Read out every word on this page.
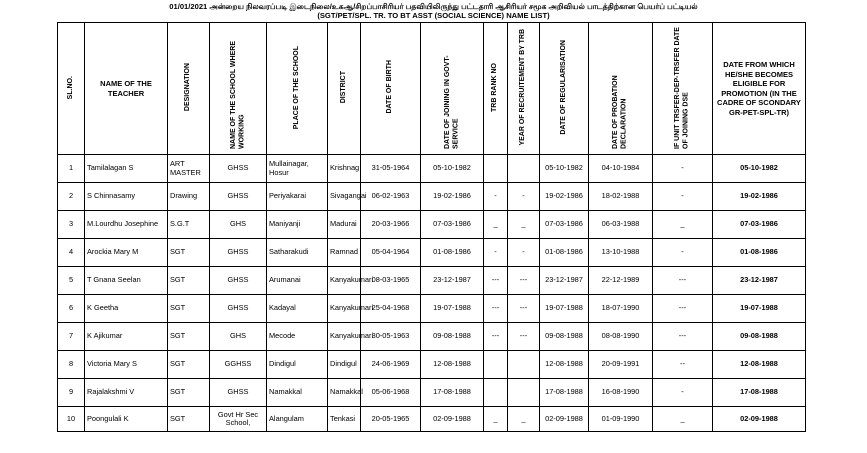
01/01/2021 அன்றைய நிலவரப்படி இடைநிலை/உகஆ/சிறப்பாசிரியர் பதவியிலிருந்து பட்டதாரி ஆசிரியர் சமூக அறிவியல் பாடத்திற்கான பெயர்ப் பட்டியல்
(SGT/PET/SPL. TR. TO BT ASST (SOCIAL SCIENCE) NAME LIST)
SL.NO.	NAME OF THE TEACHER	DESIGNATION	NAME OF THE SCHOOL WHERE WORKING	PLACE OF THE SCHOOL	DISTRICT	DATE OF BIRTH	DATE OF JOINING IN GOVT-SERVICE	TRB RANK NO	YEAR OF RECRUITEMENT BY TRB	DATE OF REGULARISATION	DATE OF PROBATION DECLARATION	IF UNIT TRSFER-DEP-TRSFER DATE OF JOINING DSE	DATE FROM WHICH HE/SHE BECOMES ELIGIBLE FOR PROMOTION (IN THE CADRE OF SCONDARY GR-PET-SPL-TR)
1	Tamilalagan S	ART MASTER	GHSS	Mullainagar, Hosur	Krishnag	31-05-1964	05-10-1982			05-10-1982	04-10-1984	-	05-10-1982
2	S Chinnasamy	Drawing	GHSS	Periyakarai	Sivagangai	06-02-1963	19-02-1986	-	-	19-02-1986	18-02-1988	-	19-02-1986
3	M.Lourdhu Josephine	S.G.T	GHS	Maniyanji	Madurai	20-03-1966	07-03-1986	_	_	07-03-1986	06-03-1988	_	07-03-1986
4	Arockia Mary M	SGT	GHSS	Satharakudi	Ramnad	05-04-1964	01-08-1986	-	-	01-08-1986	13-10-1988	-	01-08-1986
5	T Gnana Seelan	SGT	GHSS	Arumanai	Kanyakumari	08-03-1965	23-12-1987	---	---	23-12-1987	22-12-1989	---	23-12-1987
6	K Geetha	SGT	GHSS	Kadayal	Kanyakumari	25-04-1968	19-07-1988	---	---	19-07-1988	18-07-1990	---	19-07-1988
7	K Ajikumar	SGT	GHS	Mecode	Kanyakumari	30-05-1963	09-08-1988	---	---	09-08-1988	08-08-1990	---	09-08-1988
8	Victoria Mary S	SGT	GGHSS	Dindigul	Dindigul	24-06-1969	12-08-1988			12-08-1988	20-09-1991	--	12-08-1988
9	Rajalakshmi V	SGT	GHSS	Namakkal	Namakkal	05-06-1968	17-08-1988			17-08-1988	16-08-1990	-	17-08-1988
10	Poongulali K	SGT	Govt Hr Sec School,	Alangulam	Tenkasi	20-05-1965	02-09-1988	_	_	02-09-1988	01-09-1990	_	02-09-1988
